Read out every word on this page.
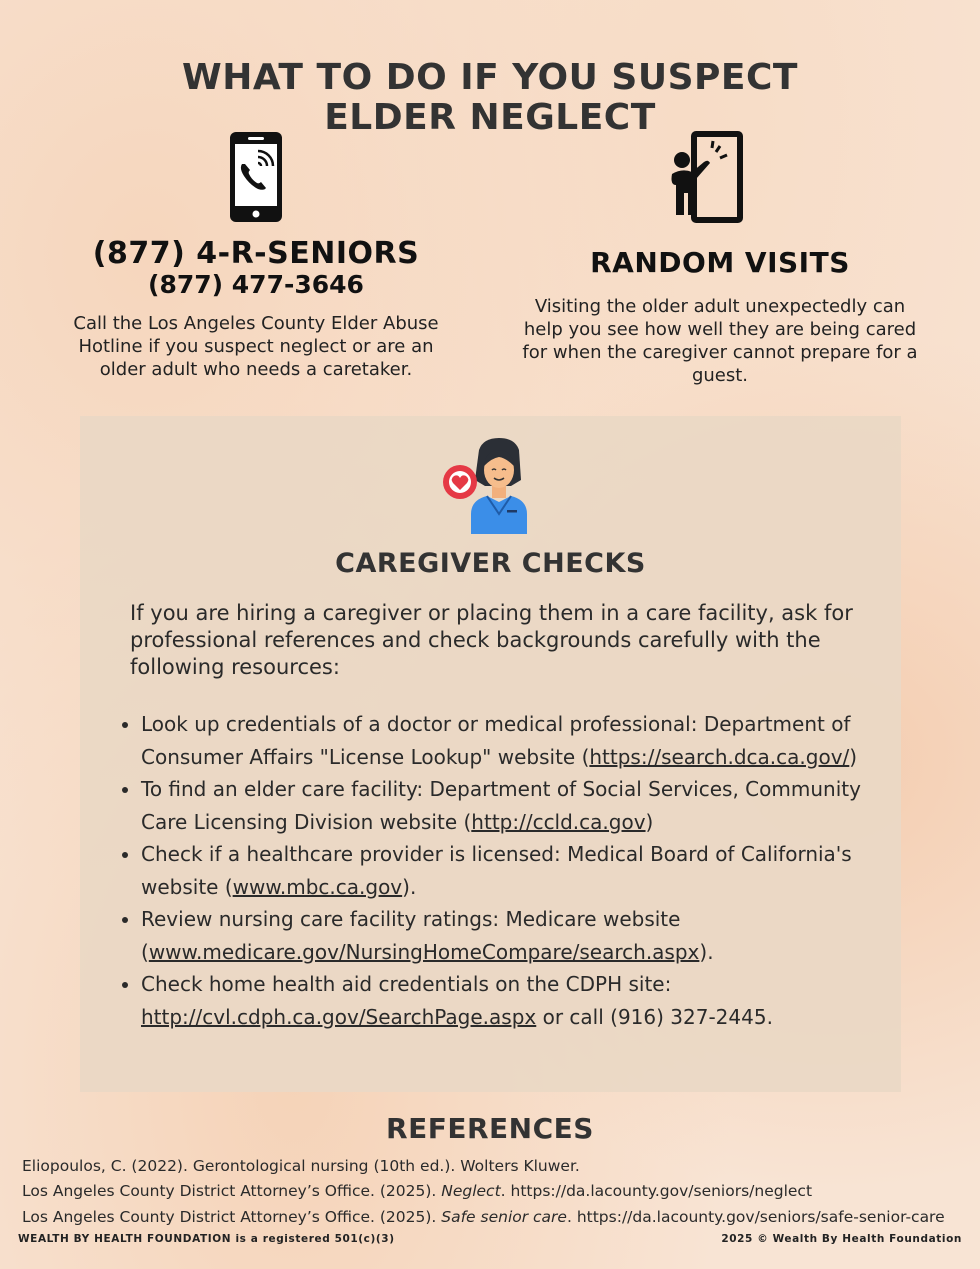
WHAT TO DO IF YOU SUSPECT
ELDER NEGLECT
(877) 4-R-SENIORS
(877) 477-3646
Call the Los Angeles County Elder Abuse Hotline if you suspect neglect or are an older adult who needs a caretaker.
RANDOM VISITS
Visiting the older adult unexpectedly can help you see how well they are being cared for when the caregiver cannot prepare for a guest.
CAREGIVER CHECKS
If you are hiring a caregiver or placing them in a care facility, ask for professional references and check backgrounds carefully with the following resources:
• Look up credentials of a doctor or medical professional: Department of Consumer Affairs "License Lookup" website (https://search.dca.ca.gov/)
• To find an elder care facility: Department of Social Services, Community Care Licensing Division website (http://ccld.ca.gov)
• Check if a healthcare provider is licensed: Medical Board of California's website (www.mbc.ca.gov).
• Review nursing care facility ratings: Medicare website (www.medicare.gov/NursingHomeCompare/search.aspx).
• Check home health aid credentials on the CDPH site: http://cvl.cdph.ca.gov/SearchPage.aspx or call (916) 327-2445.
REFERENCES
Eliopoulos, C. (2022). Gerontological nursing (10th ed.). Wolters Kluwer.
Los Angeles County District Attorney’s Office. (2025). Neglect. https://da.lacounty.gov/seniors/neglect
Los Angeles County District Attorney’s Office. (2025). Safe senior care. https://da.lacounty.gov/seniors/safe-senior-care
WEALTH BY HEALTH FOUNDATION is a registered 501(c)(3)	2025 © Wealth By Health Foundation
